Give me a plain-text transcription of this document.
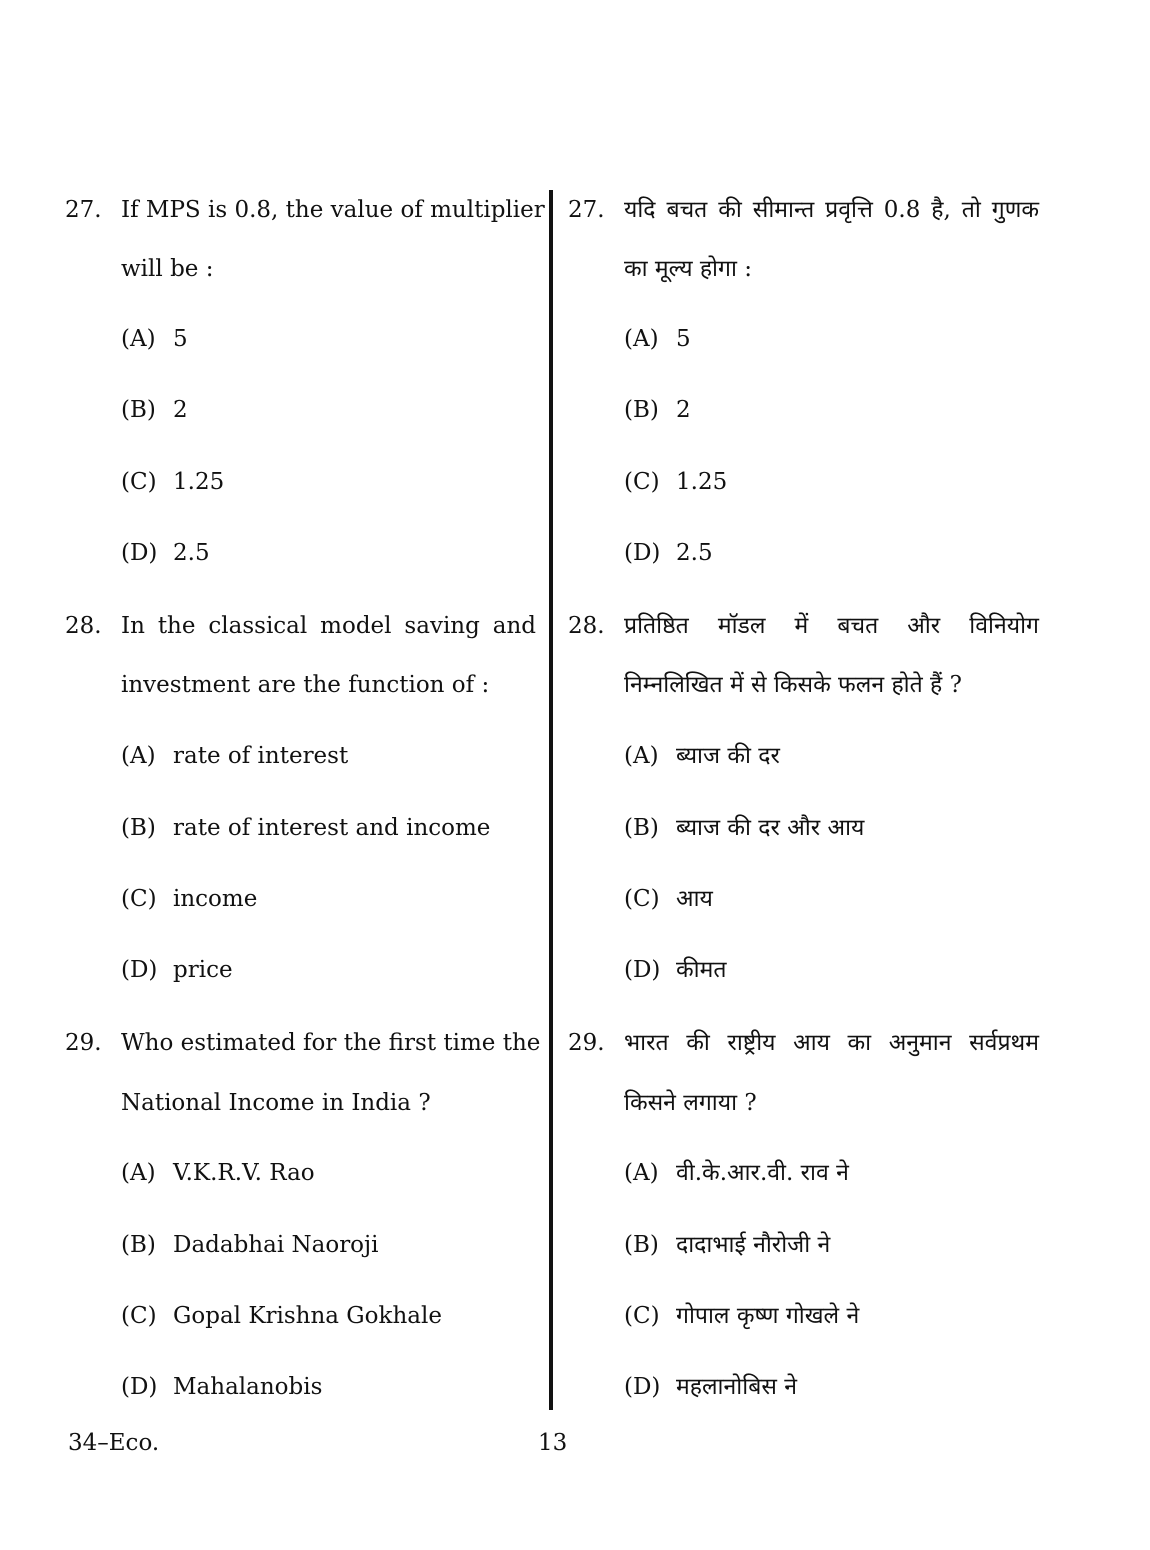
27. If MPS is 0.8, the value of multiplier
will be :
(A) 5
(B) 2
(C) 1.25
(D) 2.5
28. In the classical model saving and
investment are the function of :
(A) rate of interest
(B) rate of interest and income
(C) income
(D) price
29. Who estimated for the first time the
National Income in India ?
(A) V.K.R.V. Rao
(B) Dadabhai Naoroji
(C) Gopal Krishna Gokhale
(D) Mahalanobis
27. यदि बचत की सीमान्त प्रवृत्ति 0.8 है, तो गुणक
का मूल्य होगा :
(A) 5
(B) 2
(C) 1.25
(D) 2.5
28. प्रतिष्ठित मॉडल में बचत और विनियोग
निम्नलिखित में से किसके फलन होते हैं ?
(A) ब्याज की दर
(B) ब्याज की दर और आय
(C) आय
(D) कीमत
29. भारत की राष्ट्रीय आय का अनुमान सर्वप्रथम
किसने लगाया ?
(A) वी.के.आर.वी. राव ने
(B) दादाभाई नौरोजी ने
(C) गोपाल कृष्ण गोखले ने
(D) महलानोबिस ने
34–Eco.	13
